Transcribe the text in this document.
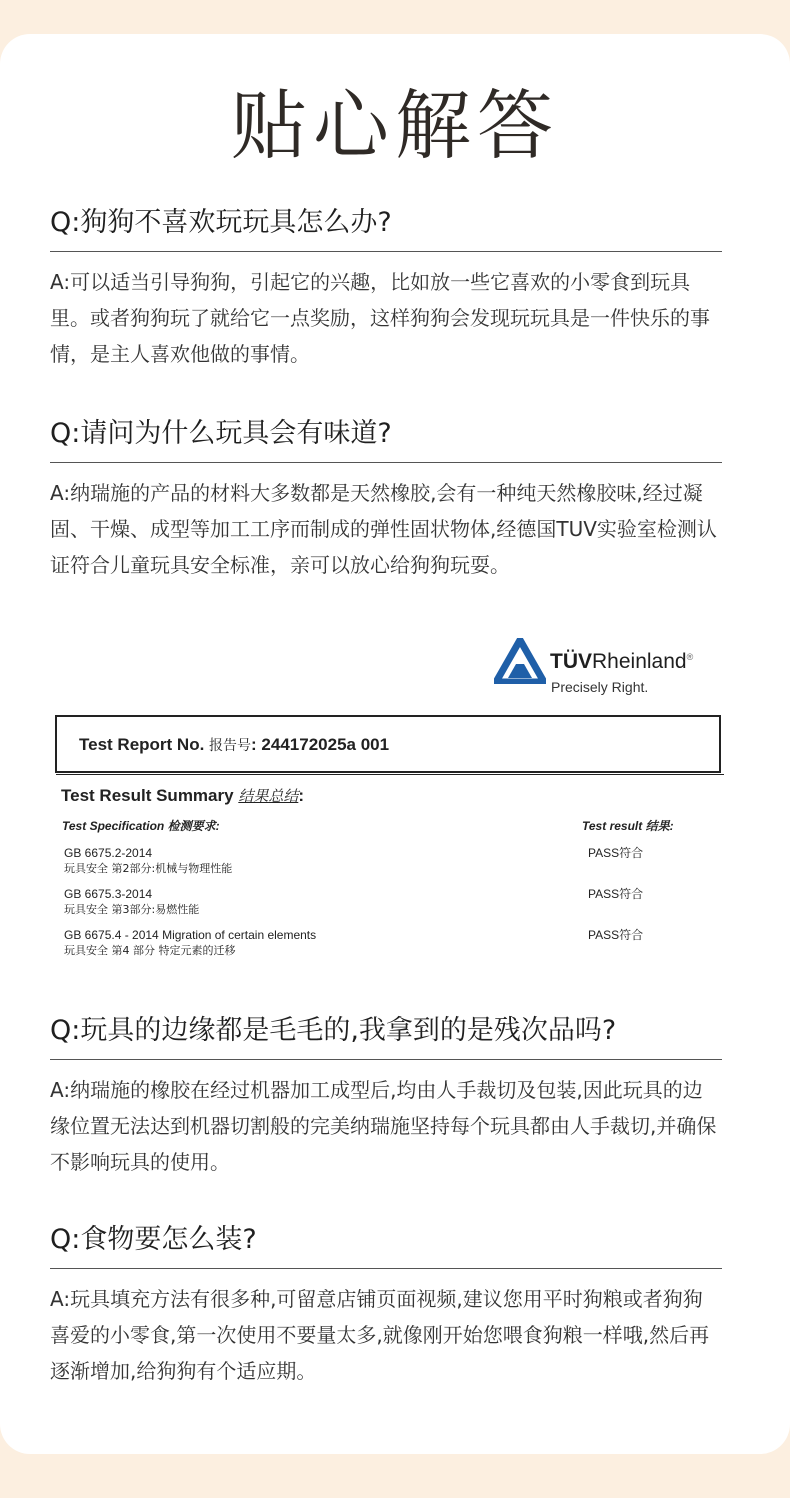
贴心解答

Q:狗狗不喜欢玩玩具怎么办?

A:可以适当引导狗狗，引起它的兴趣，比如放一些它喜欢的小零食到玩具里。或者狗狗玩了就给它一点奖励，这样狗狗会发现玩玩具是一件快乐的事情，是主人喜欢他做的事情。

Q:请问为什么玩具会有味道?

A:纳瑞施的产品的材料大多数都是天然橡胶,会有一种纯天然橡胶味,经过凝固、干燥、成型等加工工序而制成的弹性固状物体,经德国TUV实验室检测认证符合儿童玩具安全标准，亲可以放心给狗狗玩耍。

TÜVRheinland®
Precisely Right.
Test Report No. 报告号: 244172025a 001
Test Result Summary 结果总结:
Test Specification 检测要求:	Test result 结果:
GB 6675.2-2014
玩具安全 第2部分:机械与物理性能
PASS符合
GB 6675.3-2014
玩具安全 第3部分:易燃性能
PASS符合
GB 6675.4 - 2014 Migration of certain elements
玩具安全 第4 部分 特定元素的迁移
PASS符合

Q:玩具的边缘都是毛毛的,我拿到的是残次品吗?

A:纳瑞施的橡胶在经过机器加工成型后,均由人手裁切及包装,因此玩具的边缘位置无法达到机器切割般的完美纳瑞施坚持每个玩具都由人手裁切,并确保不影响玩具的使用。

Q:食物要怎么装?

A:玩具填充方法有很多种,可留意店铺页面视频,建议您用平时狗粮或者狗狗喜爱的小零食,第一次使用不要量太多,就像刚开始您喂食狗粮一样哦,然后再逐渐增加,给狗狗有个适应期。
